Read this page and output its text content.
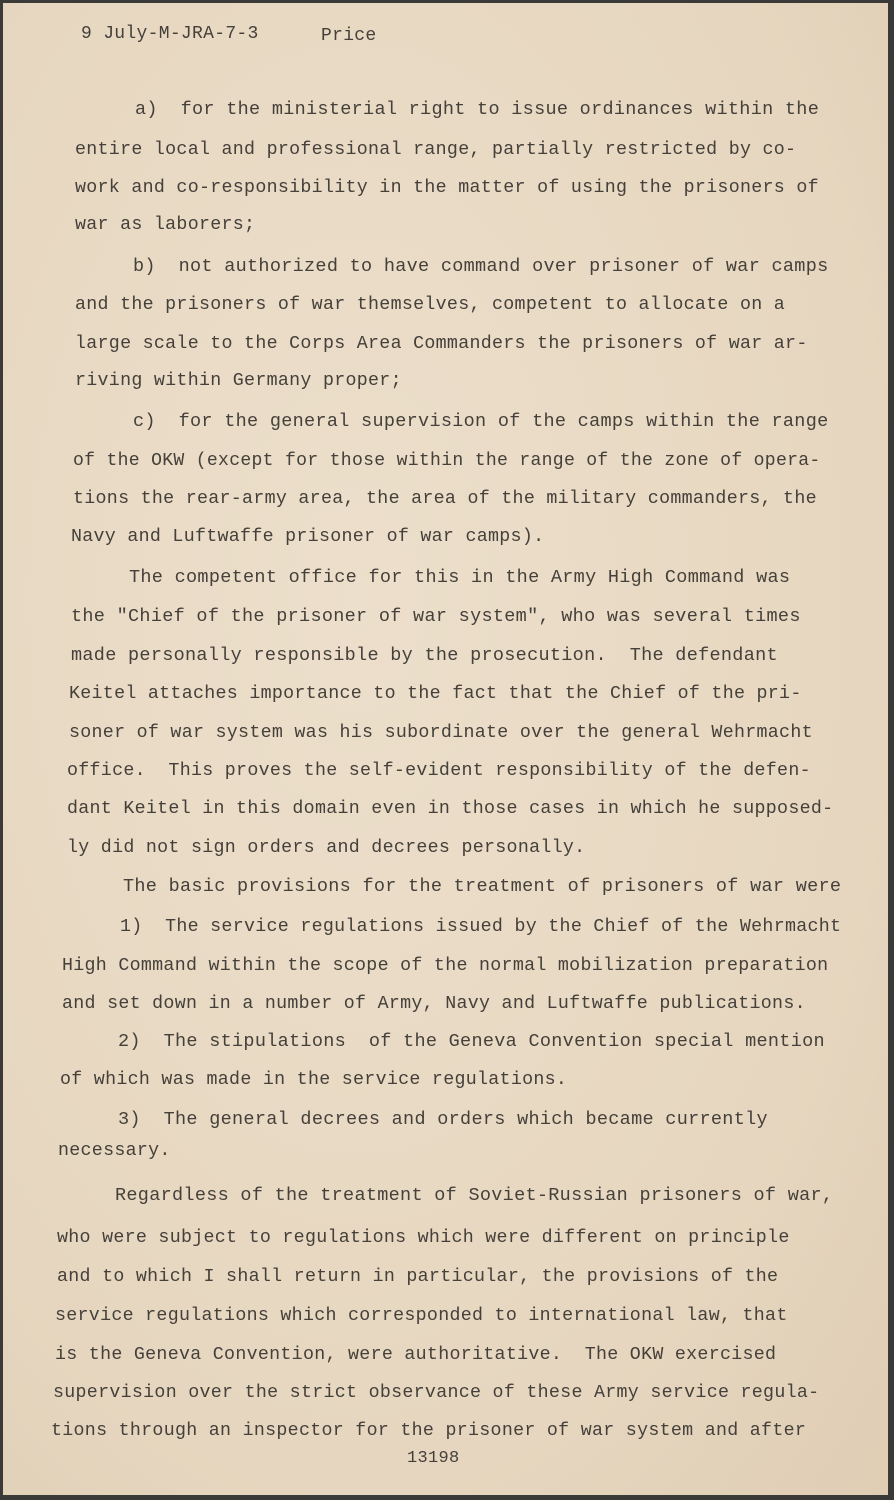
9 July-M-JRA-7-3	Price
a)  for the ministerial right to issue ordinances within the
entire local and professional range, partially restricted by co-
work and co-responsibility in the matter of using the prisoners of
war as laborers;
b)  not authorized to have command over prisoner of war camps
and the prisoners of war themselves, competent to allocate on a
large scale to the Corps Area Commanders the prisoners of war ar-
riving within Germany proper;
c)  for the general supervision of the camps within the range
of the OKW (except for those within the range of the zone of opera-
tions the rear-army area, the area of the military commanders, the
Navy and Luftwaffe prisoner of war camps).
The competent office for this in the Army High Command was
the "Chief of the prisoner of war system", who was several times
made personally responsible by the prosecution.  The defendant
Keitel attaches importance to the fact that the Chief of the pri-
soner of war system was his subordinate over the general Wehrmacht
office.  This proves the self-evident responsibility of the defen-
dant Keitel in this domain even in those cases in which he supposed-
ly did not sign orders and decrees personally.
The basic provisions for the treatment of prisoners of war were
1)  The service regulations issued by the Chief of the Wehrmacht
High Command within the scope of the normal mobilization preparation
and set down in a number of Army, Navy and Luftwaffe publications.
2)  The stipulations  of the Geneva Convention special mention
of which was made in the service regulations.
3)  The general decrees and orders which became currently
necessary.
Regardless of the treatment of Soviet-Russian prisoners of war,
who were subject to regulations which were different on principle
and to which I shall return in particular, the provisions of the
service regulations which corresponded to international law, that
is the Geneva Convention, were authoritative.  The OKW exercised
supervision over the strict observance of these Army service regula-
tions through an inspector for the prisoner of war system and after
13198
